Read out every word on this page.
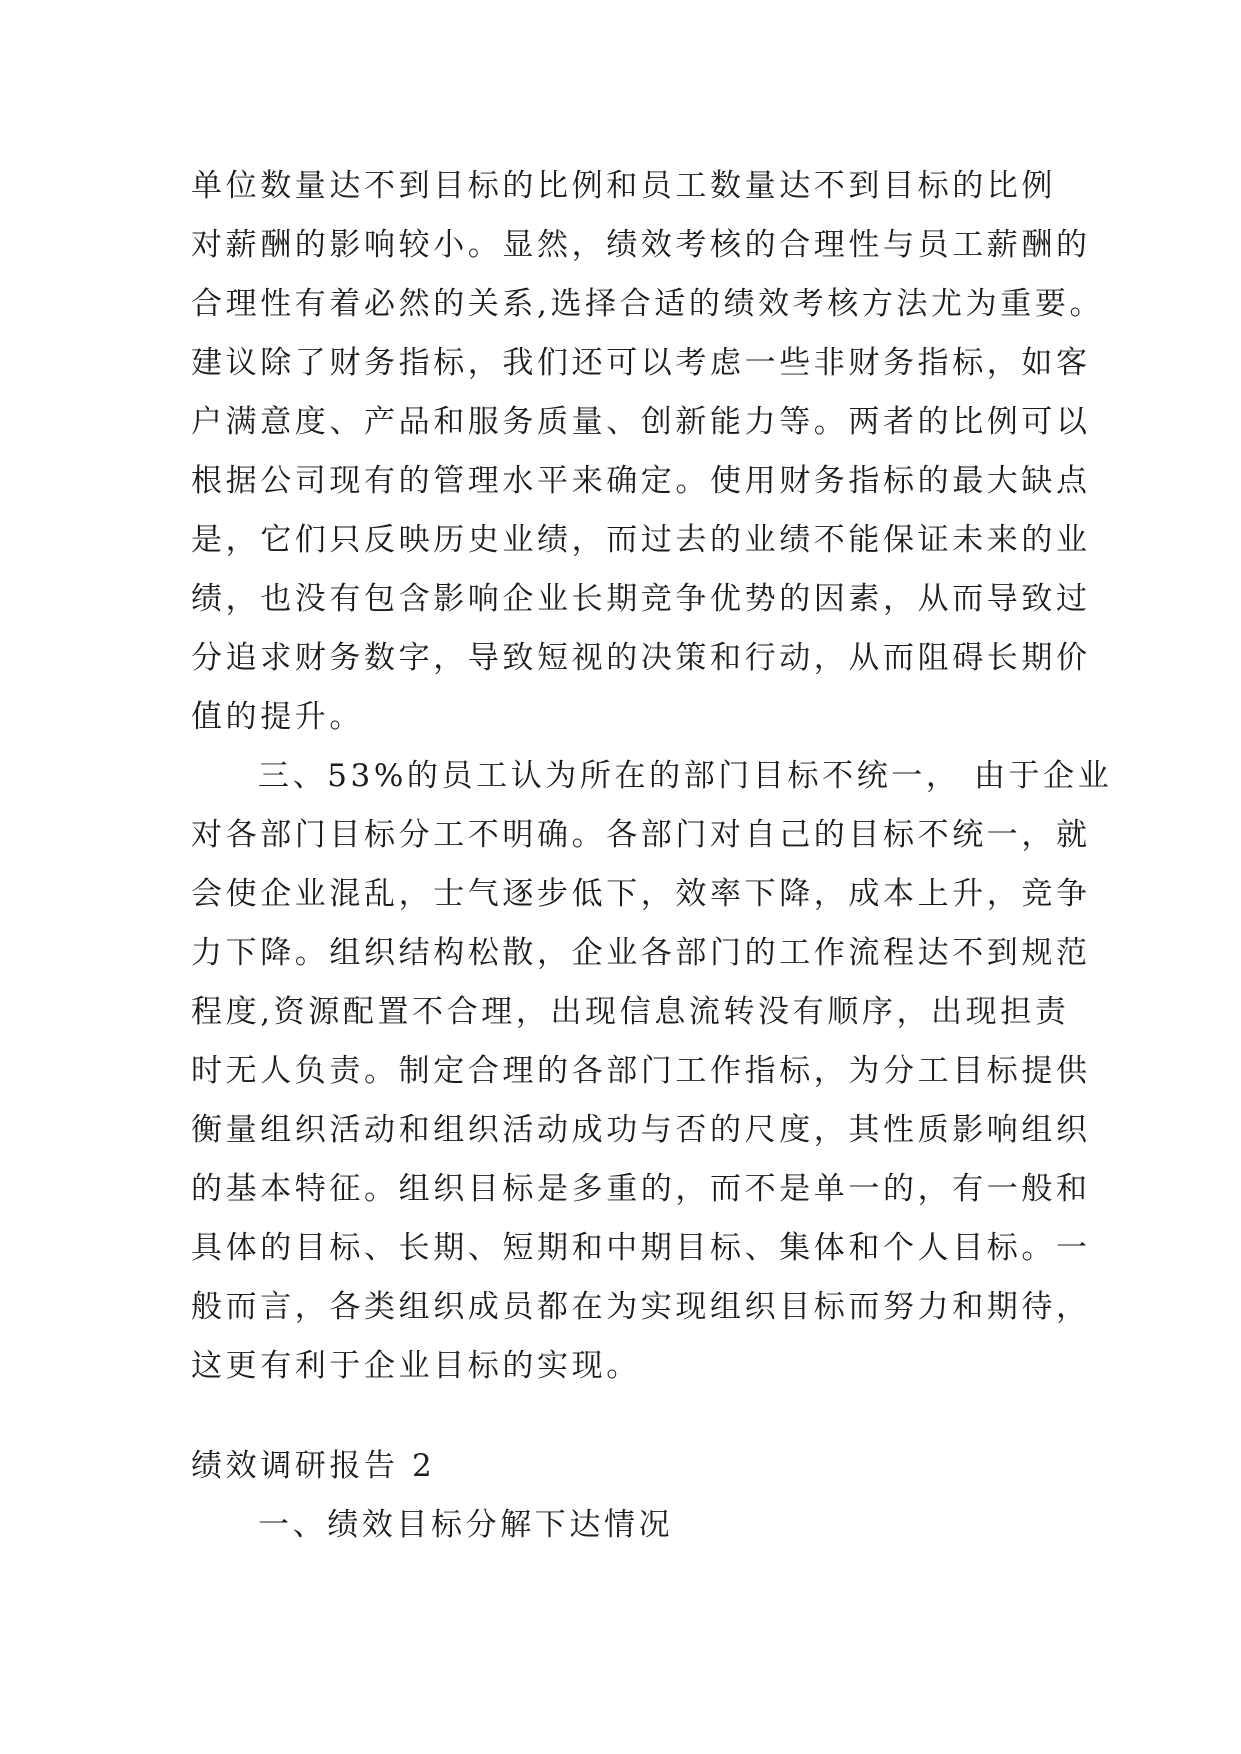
单位数量达不到目标的比例和员工数量达不到目标的比例
对薪酬的影响较小。显然，绩效考核的合理性与员工薪酬的
合理性有着必然的关系,选择合适的绩效考核方法尤为重要。
建议除了财务指标，我们还可以考虑一些非财务指标，如客
户满意度、产品和服务质量、创新能力等。两者的比例可以
根据公司现有的管理水平来确定。使用财务指标的最大缺点
是，它们只反映历史业绩，而过去的业绩不能保证未来的业
绩，也没有包含影响企业长期竞争优势的因素，从而导致过
分追求财务数字，导致短视的决策和行动，从而阻碍长期价
值的提升。
三、53%的员工认为所在的部门目标不统一， 由于企业
对各部门目标分工不明确。各部门对自己的目标不统一，就
会使企业混乱，士气逐步低下，效率下降，成本上升，竞争
力下降。组织结构松散，企业各部门的工作流程达不到规范
程度,资源配置不合理，出现信息流转没有顺序，出现担责
时无人负责。制定合理的各部门工作指标，为分工目标提供
衡量组织活动和组织活动成功与否的尺度，其性质影响组织
的基本特征。组织目标是多重的，而不是单一的，有一般和
具体的目标、长期、短期和中期目标、集体和个人目标。一
般而言，各类组织成员都在为实现组织目标而努力和期待，
这更有利于企业目标的实现。
绩效调研报告 2
一、绩效目标分解下达情况
